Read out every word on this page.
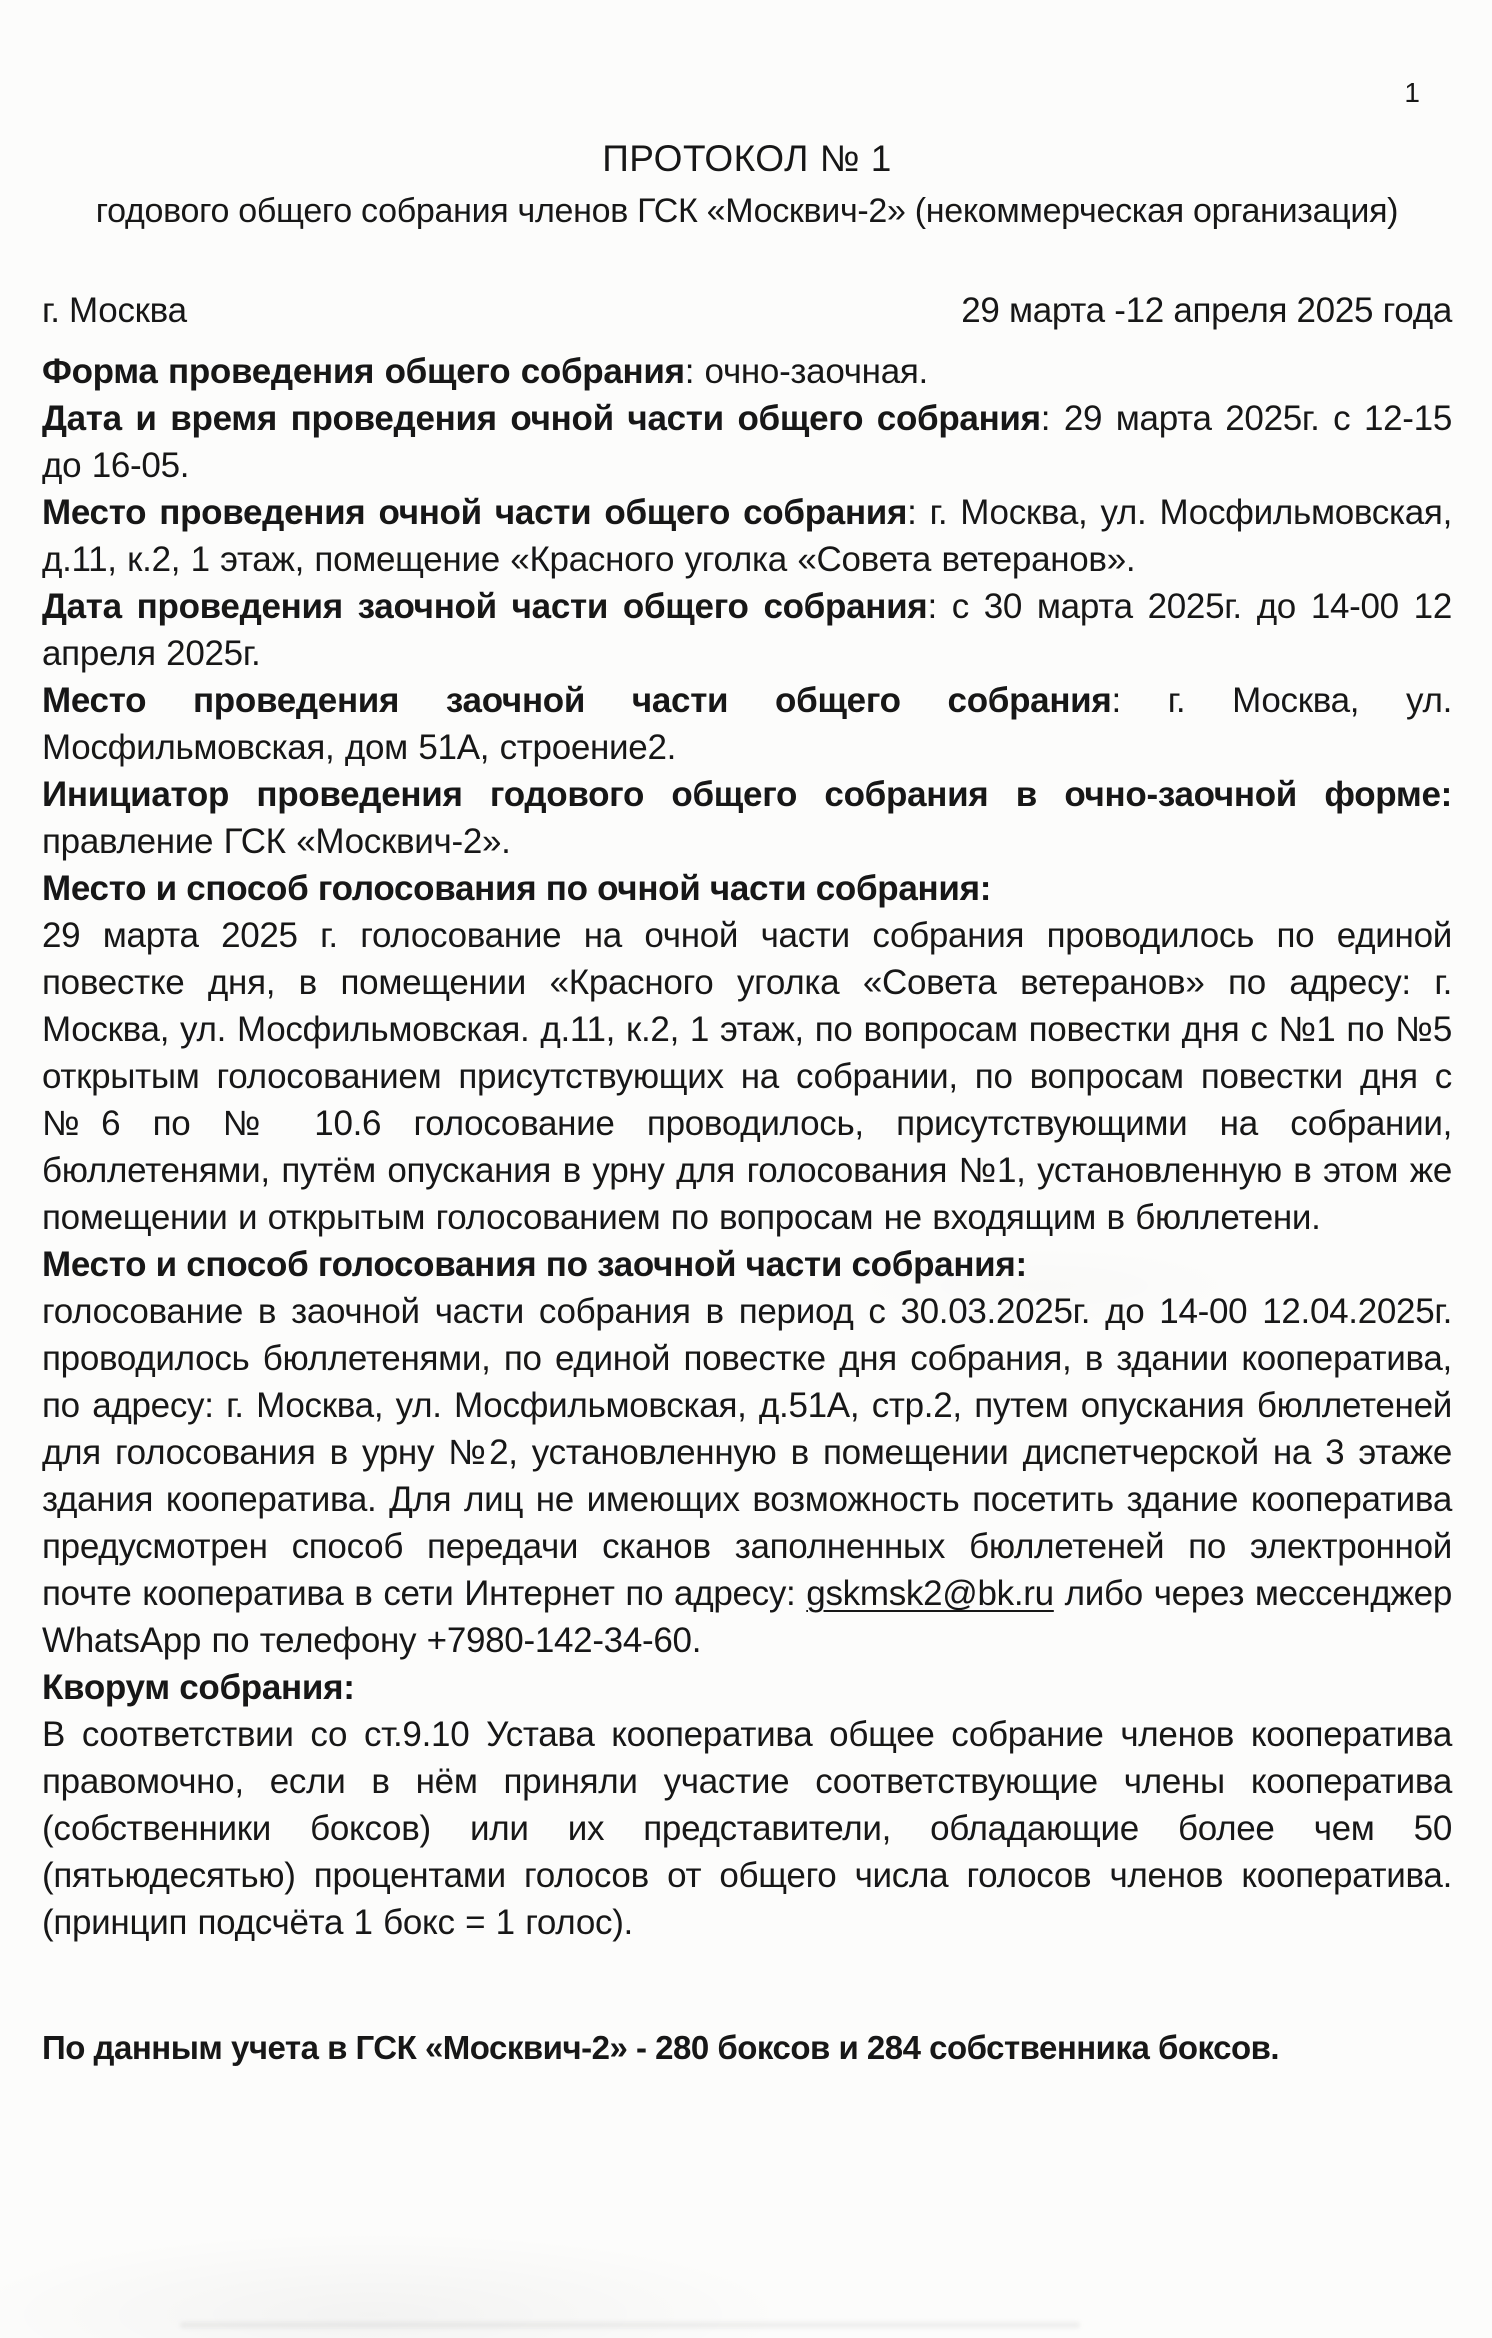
1
ПРОТОКОЛ № 1
годового общего собрания членов ГСК «Москвич-2» (некоммерческая организация)
г. Москва	29 марта -12 апреля 2025 года

Форма проведения общего собрания: очно-заочная.

Дата и время проведения очной части общего собрания: 29 марта 2025г. с 12-15 до 16-05.

Место проведения очной части общего собрания: г. Москва, ул. Мосфильмовская, д.11, к.2, 1 этаж, помещение «Красного уголка «Совета ветеранов».

Дата проведения заочной части общего собрания: с 30 марта 2025г. до 14-00 12 апреля 2025г.

Место проведения заочной части общего собрания: г. Москва, ул. Мосфильмовская, дом 51А, строение2.

Инициатор проведения годового общего собрания в очно-заочной форме: правление ГСК «Москвич-2».

Место и способ голосования по очной части собрания:

29 марта 2025 г. голосование на очной части собрания проводилось по единой повестке дня, в помещении «Красного уголка «Совета ветеранов» по адресу: г. Москва, ул. Мосфильмовская. д.11, к.2, 1 этаж, по вопросам повестки дня с №1 по №5 открытым голосованием присутствующих на собрании, по вопросам повестки дня с №6 по № 10.6 голосование проводилось, присутствующими на собрании, бюллетенями, путём опускания в урну для голосования №1, установленную в этом же помещении и открытым голосованием по вопросам не входящим в бюллетени.

Место и способ голосования по заочной части собрания:

голосование в заочной части собрания в период с 30.03.2025г. до 14-00 12.04.2025г. проводилось бюллетенями, по единой повестке дня собрания, в здании кооператива, по адресу: г. Москва, ул. Мосфильмовская, д.51А, стр.2, путем опускания бюллетеней для голосования в урну №2, установленную в помещении диспетчерской на 3 этаже здания кооператива. Для лиц не имеющих возможность посетить здание кооператива предусмотрен способ передачи сканов заполненных бюллетеней по электронной почте кооператива в сети Интернет по адресу: gskmsk2@bk.ru либо через мессенджер WhatsApp по телефону +7980-142-34-60.

Кворум собрания:

В соответствии со ст.9.10 Устава кооператива общее собрание членов кооператива правомочно, если в нём приняли участие соответствующие члены кооператива (собственники боксов) или их представители, обладающие более чем 50 (пятьюдесятью) процентами голосов от общего числа голосов членов кооператива.(принцип подсчёта 1 бокс = 1 голос).

По данным учета в ГСК «Москвич-2» - 280 боксов и 284 собственника боксов.
